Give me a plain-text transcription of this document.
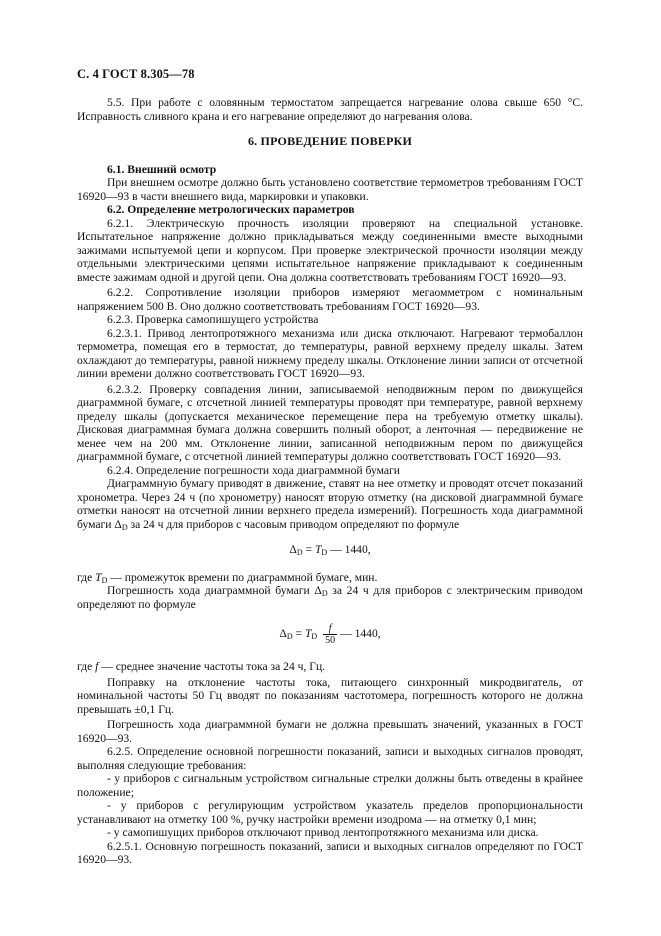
С. 4 ГОСТ 8.305—78

5.5. При работе с оловянным термостатом запрещается нагревание олова свыше 650 °С. Исправность сливного крана и его нагревание определяют до нагревания олова.

6. ПРОВЕДЕНИЕ ПОВЕРКИ

6.1. Внешний осмотр

При внешнем осмотре должно быть установлено соответствие термометров требованиям ГОСТ 16920—93 в части внешнего вида, маркировки и упаковки.

6.2. Определение метрологических параметров

6.2.1. Электрическую прочность изоляции проверяют на специальной установке. Испытательное напряжение должно прикладываться между соединенными вместе выходными зажимами испытуемой цепи и корпусом. При проверке электрической прочности изоляции между отдельными электрическими цепями испытательное напряжение прикладывают к соединенным вместе зажимам одной и другой цепи. Она должна соответствовать требованиям ГОСТ 16920—93.

6.2.2. Сопротивление изоляции приборов измеряют мегаомметром с номинальным напряжением 500 В. Оно должно соответствовать требованиям ГОСТ 16920—93.

6.2.3. Проверка самопишущего устройства

6.2.3.1. Привод лентопротяжного механизма или диска отключают. Нагревают термобаллон термометра, помещая его в термостат, до температуры, равной верхнему пределу шкалы. Затем охлаждают до температуры, равной нижнему пределу шкалы. Отклонение линии записи от отсчетной линии времени должно соответствовать ГОСТ 16920—93.

6.2.3.2. Проверку совпадения линии, записываемой неподвижным пером по движущейся диаграммной бумаге, с отсчетной линией температуры проводят при температуре, равной верхнему пределу шкалы (допускается механическое перемещение пера на требуемую отметку шкалы). Дисковая диаграммная бумага должна совершить полный оборот, а ленточная — передвижение не менее чем на 200 мм. Отклонение линии, записанной неподвижным пером по движущейся диаграммной бумаге, с отсчетной линией температуры должно соответствовать ГОСТ 16920—93.

6.2.4. Определение погрешности хода диаграммной бумаги

Диаграммную бумагу приводят в движение, ставят на нее отметку и проводят отсчет показаний хронометра. Через 24 ч (по хронометру) наносят вторую отметку (на дисковой диаграммной бумаге отметки наносят на отсчетной линии верхнего предела измерений). Погрешность хода диаграммной бумаги $\Delta_D$ за 24 ч для приборов с часовым приводом определяют по формуле

$\Delta_D = T_D$ — 1440,

где $T_D$ — промежуток времени по диаграммной бумаге, мин.

Погрешность хода диаграммной бумаги $\Delta_D$ за 24 ч для приборов с электрическим приводом определяют по формуле

$\Delta_D = T_D \frac{f}{50}$ — 1440,

где f — среднее значение частоты тока за 24 ч, Гц.

Поправку на отклонение частоты тока, питающего синхронный микродвигатель, от номинальной частоты 50 Гц вводят по показаниям частотомера, погрешность которого не должна превышать ±0,1 Гц.

Погрешность хода диаграммной бумаги не должна превышать значений, указанных в ГОСТ 16920—93.

6.2.5. Определение основной погрешности показаний, записи и выходных сигналов проводят, выполняя следующие требования:

- у приборов с сигнальным устройством сигнальные стрелки должны быть отведены в крайнее положение;

- у приборов с регулирующим устройством указатель пределов пропорциональности устанавливают на отметку 100 %, ручку настройки времени изодрома — на отметку 0,1 мин;

- у самопишущих приборов отключают привод лентопротяжного механизма или диска.

6.2.5.1. Основную погрешность показаний, записи и выходных сигналов определяют по ГОСТ 16920—93.
